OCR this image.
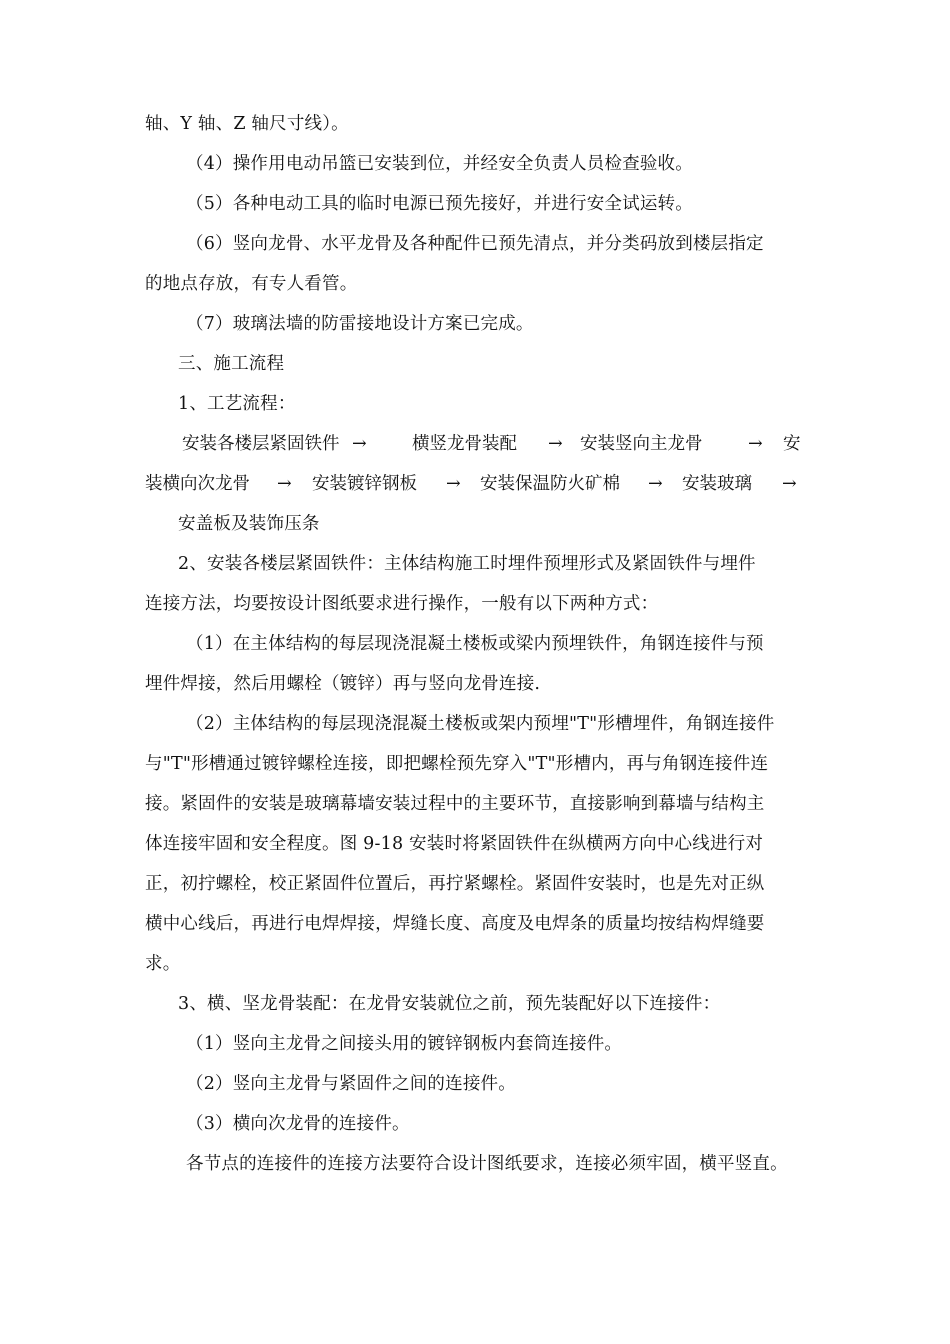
轴、Y 轴、Z 轴尺寸线）。
（4）操作用电动吊篮已安装到位，并经安全负责人员检查验收。
（5）各种电动工具的临时电源已预先接好，并进行安全试运转。
（6）竖向龙骨、水平龙骨及各种配件已预先清点，并分类码放到楼层指定
的地点存放，有专人看管。
（7）玻璃法墙的防雷接地设计方案已完成。
三、施工流程
1、工艺流程：
安装各楼层紧固铁件 →	横竖龙骨装配 → 安装竖向主龙骨	→ 安
装横向次龙骨 → 安装镀锌钢板 → 安装保温防火矿棉 → 安装玻璃 →
安盖板及装饰压条
2、安装各楼层紧固铁件：主体结构施工时埋件预埋形式及紧固铁件与埋件
连接方法，均要按设计图纸要求进行操作，一般有以下两种方式：
（1）在主体结构的每层现浇混凝土楼板或梁内预埋铁件，角钢连接件与预
埋件焊接，然后用螺栓（镀锌）再与竖向龙骨连接.
（2）主体结构的每层现浇混凝土楼板或架内预埋"T"形槽埋件，角钢连接件
与"T"形槽通过镀锌螺栓连接，即把螺栓预先穿入"T"形槽内，再与角钢连接件连
接。紧固件的安装是玻璃幕墙安装过程中的主要环节，直接影响到幕墙与结构主
体连接牢固和安全程度。图 9-18 安装时将紧固铁件在纵横两方向中心线进行对
正，初拧螺栓，校正紧固件位置后，再拧紧螺栓。紧固件安装时，也是先对正纵
横中心线后，再进行电焊焊接，焊缝长度、高度及电焊条的质量均按结构焊缝要
求。
3、横、坚龙骨装配：在龙骨安装就位之前，预先装配好以下连接件：
（1）竖向主龙骨之间接头用的镀锌钢板内套筒连接件。
（2）竖向主龙骨与紧固件之间的连接件。
（3）横向次龙骨的连接件。
各节点的连接件的连接方法要符合设计图纸要求，连接必须牢固，横平竖直。
